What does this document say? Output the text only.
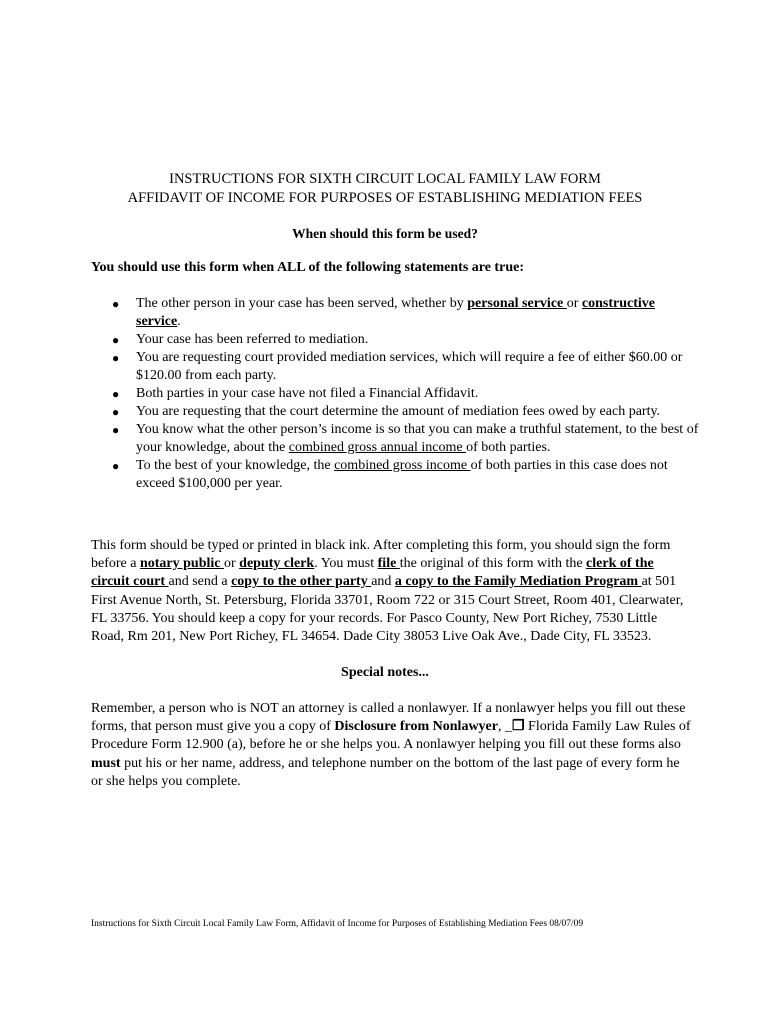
INSTRUCTIONS FOR SIXTH CIRCUIT LOCAL FAMILY LAW FORM
AFFIDAVIT OF INCOME FOR PURPOSES OF ESTABLISHING MEDIATION FEES
When should this form be used?
You should use this form when ALL of the following statements are true:
● The other person in your case has been served, whether by personal service or constructive service.
● Your case has been referred to mediation.
● You are requesting court provided mediation services, which will require a fee of either $60.00 or $120.00 from each party.
● Both parties in your case have not filed a Financial Affidavit.
● You are requesting that the court determine the amount of mediation fees owed by each party.
● You know what the other person’s income is so that you can make a truthful statement, to the best of your knowledge, about the combined gross annual income of both parties.
● To the best of your knowledge, the combined gross income of both parties in this case does not exceed $100,000 per year.
This form should be typed or printed in black ink. After completing this form, you should sign the form before a notary public or deputy clerk. You must file the original of this form with the clerk of the circuit court and send a copy to the other party and a copy to the Family Mediation Program at 501 First Avenue North, St. Petersburg, Florida 33701, Room 722 or 315 Court Street, Room 401, Clearwater, FL 33756. You should keep a copy for your records. For Pasco County, New Port Richey, 7530 Little Road, Rm 201, New Port Richey, FL 34654. Dade City 38053 Live Oak Ave., Dade City, FL 33523.
Special notes...
Remember, a person who is NOT an attorney is called a nonlawyer. If a nonlawyer helps you fill out these forms, that person must give you a copy of Disclosure from Nonlawyer, _❐ Florida Family Law Rules of Procedure Form 12.900 (a), before he or she helps you. A nonlawyer helping you fill out these forms also must put his or her name, address, and telephone number on the bottom of the last page of every form he or she helps you complete.
Instructions for Sixth Circuit Local Family Law Form, Affidavit of Income for Purposes of Establishing Mediation Fees 08/07/09
